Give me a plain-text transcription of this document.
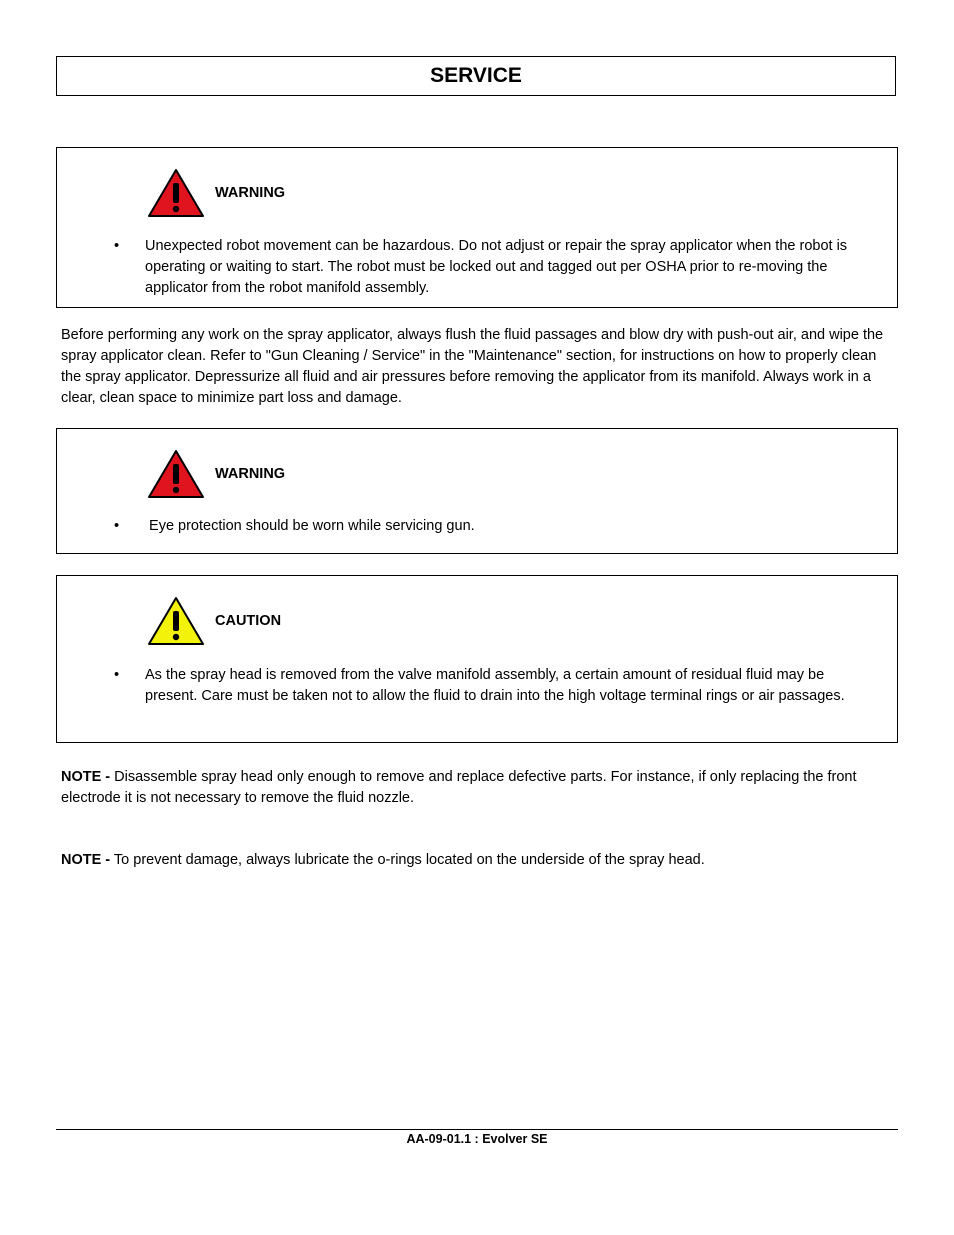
SERVICE
WARNING
•	Unexpected robot movement can be hazardous. Do not adjust or repair the spray applicator when the robot is operating or waiting to start. The robot must be locked out and tagged out per OSHA prior to re-moving the applicator from the robot manifold assembly.
Before performing any work on the spray applicator, always flush the fluid passages and blow dry with push-out air, and wipe the spray applicator clean. Refer to "Gun Cleaning / Service" in the "Maintenance" section, for instructions on how to properly clean the spray applicator. Depressurize all fluid and air pressures before removing the applicator from its manifold. Always work in a clear, clean space to minimize part loss and damage.
WARNING
•	Eye protection should be worn while servicing gun.
CAUTION
•	As the spray head is removed from the valve manifold assembly, a certain amount of residual fluid may be present. Care must be taken not to allow the fluid to drain into the high voltage terminal rings or air passages.
NOTE - Disassemble spray head only enough to remove and replace defective parts. For instance, if only replacing the front electrode it is not necessary to remove the fluid nozzle.
NOTE - To prevent damage, always lubricate the o-rings located on the underside of the spray head.
AA-09-01.1 : Evolver SE
